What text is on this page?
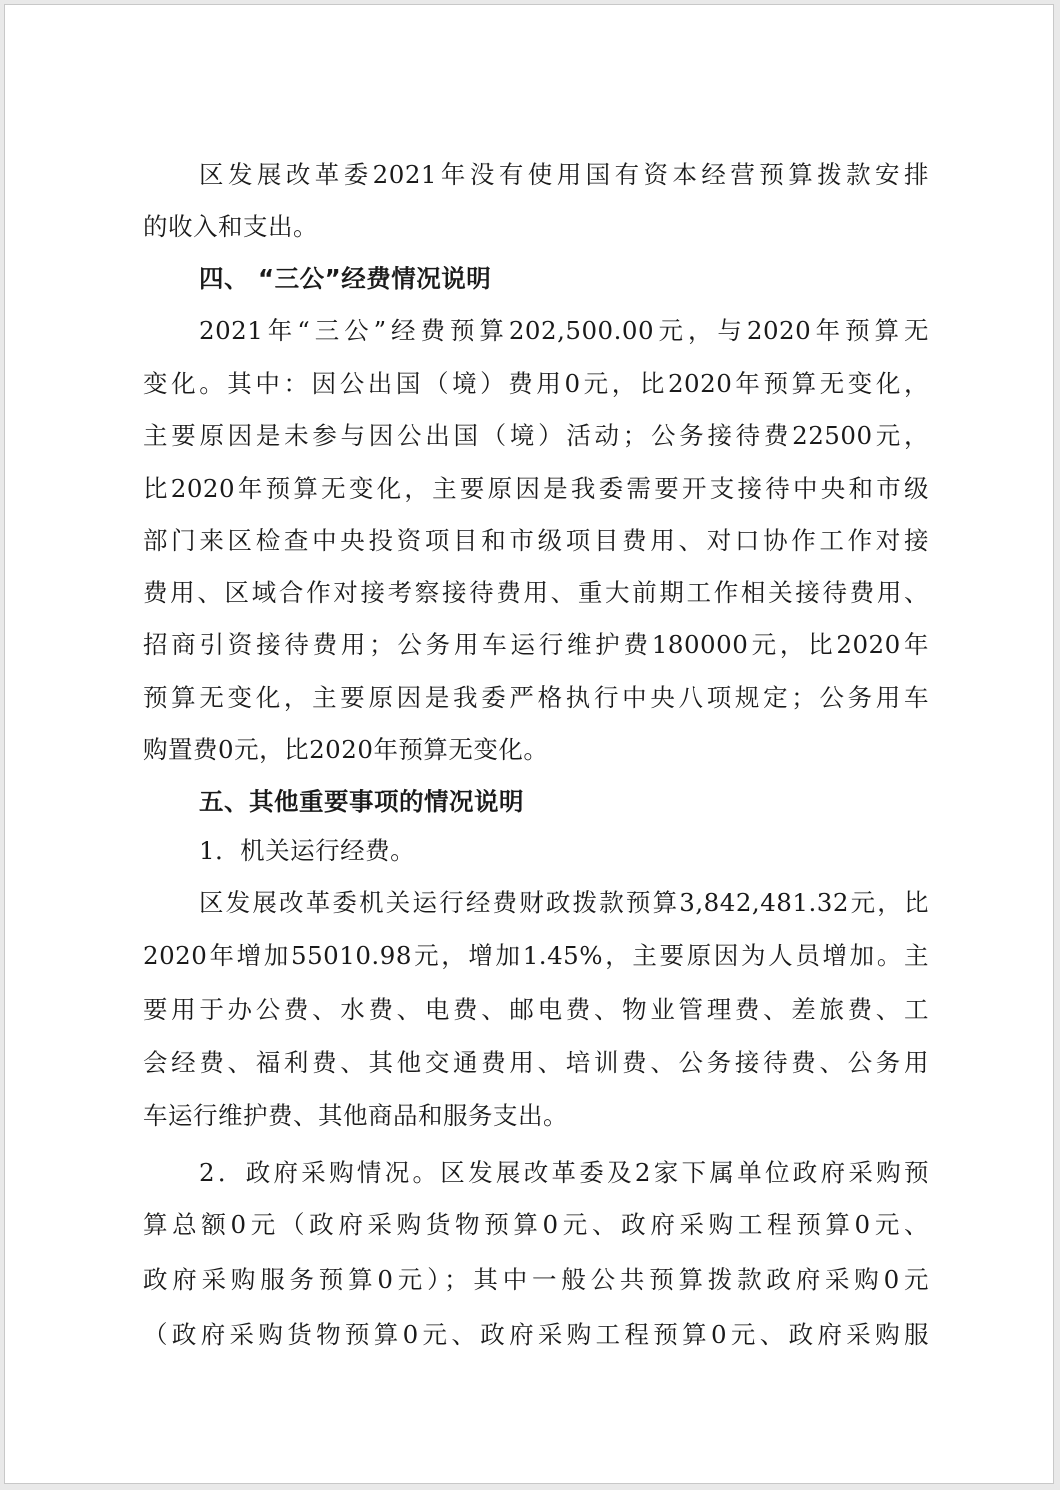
区发展改革委2021年没有使用国有资本经营预算拨款安排
的收入和支出。
四、 “三公”经费情况说明
2021年“三公”经费预算202,500.00元，与2020年预算无
变化。其中：因公出国（境）费用0元，比2020年预算无变化，
主要原因是未参与因公出国（境）活动；公务接待费22500元，
比2020年预算无变化，主要原因是我委需要开支接待中央和市级
部门来区检查中央投资项目和市级项目费用、对口协作工作对接
费用、区域合作对接考察接待费用、重大前期工作相关接待费用、
招商引资接待费用；公务用车运行维护费180000元，比2020年
预算无变化，主要原因是我委严格执行中央八项规定；公务用车
购置费0元，比2020年预算无变化。
五、其他重要事项的情况说明
1．机关运行经费。
区发展改革委机关运行经费财政拨款预算3,842,481.32元，比
2020年增加55010.98元，增加1.45%，主要原因为人员增加。主
要用于办公费、水费、电费、邮电费、物业管理费、差旅费、工
会经费、福利费、其他交通费用、培训费、公务接待费、公务用
车运行维护费、其他商品和服务支出。
2．政府采购情况。区发展改革委及2家下属单位政府采购预
算总额0元（政府采购货物预算0元、政府采购工程预算0元、
政府采购服务预算0元）；其中一般公共预算拨款政府采购0元
（政府采购货物预算0元、政府采购工程预算0元、政府采购服
